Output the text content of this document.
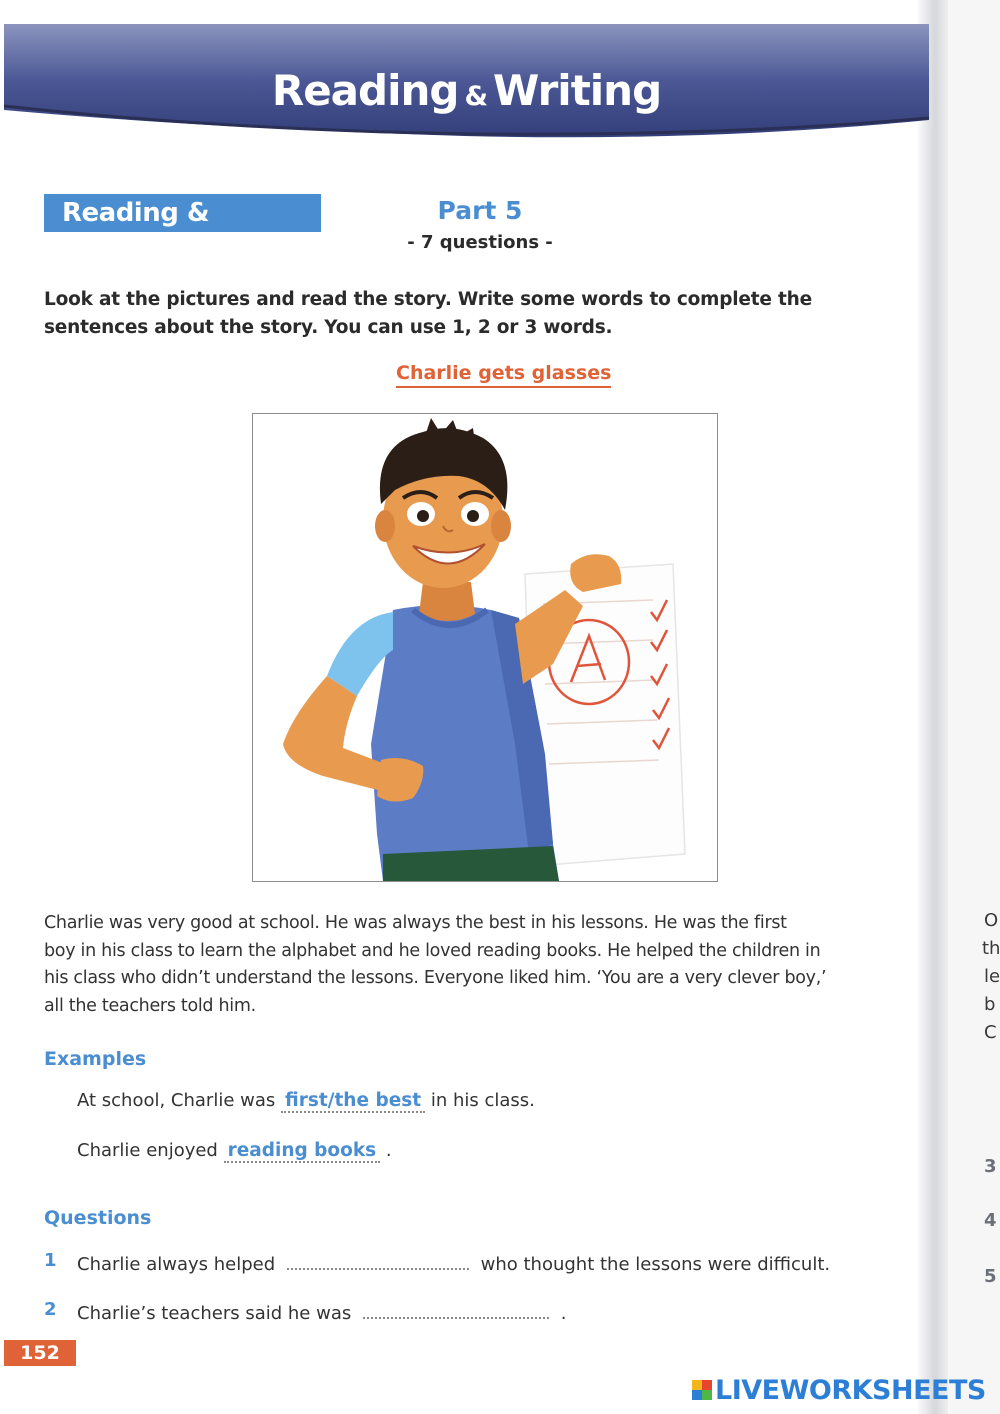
Reading & Writing
Reading & Writing
Part 5
- 7 questions -
Look at the pictures and read the story. Write some words to complete the sentences about the story. You can use 1, 2 or 3 words.
Charlie gets glasses
Charlie was very good at school. He was always the best in his lessons. He was the first
boy in his class to learn the alphabet and he loved reading books. He helped the children in
his class who didn’t understand the lessons. Everyone liked him. ‘You are a very clever boy,’
all the teachers told him.
Examples
At school, Charlie was first/the best in his class.
Charlie enjoyed reading books .
Questions
1 Charlie always helped	who thought the lessons were difficult.
2 Charlie’s teachers said he was	.
152
O
th
le
b
C
3
4
5
LIVEWORKSHEETS
